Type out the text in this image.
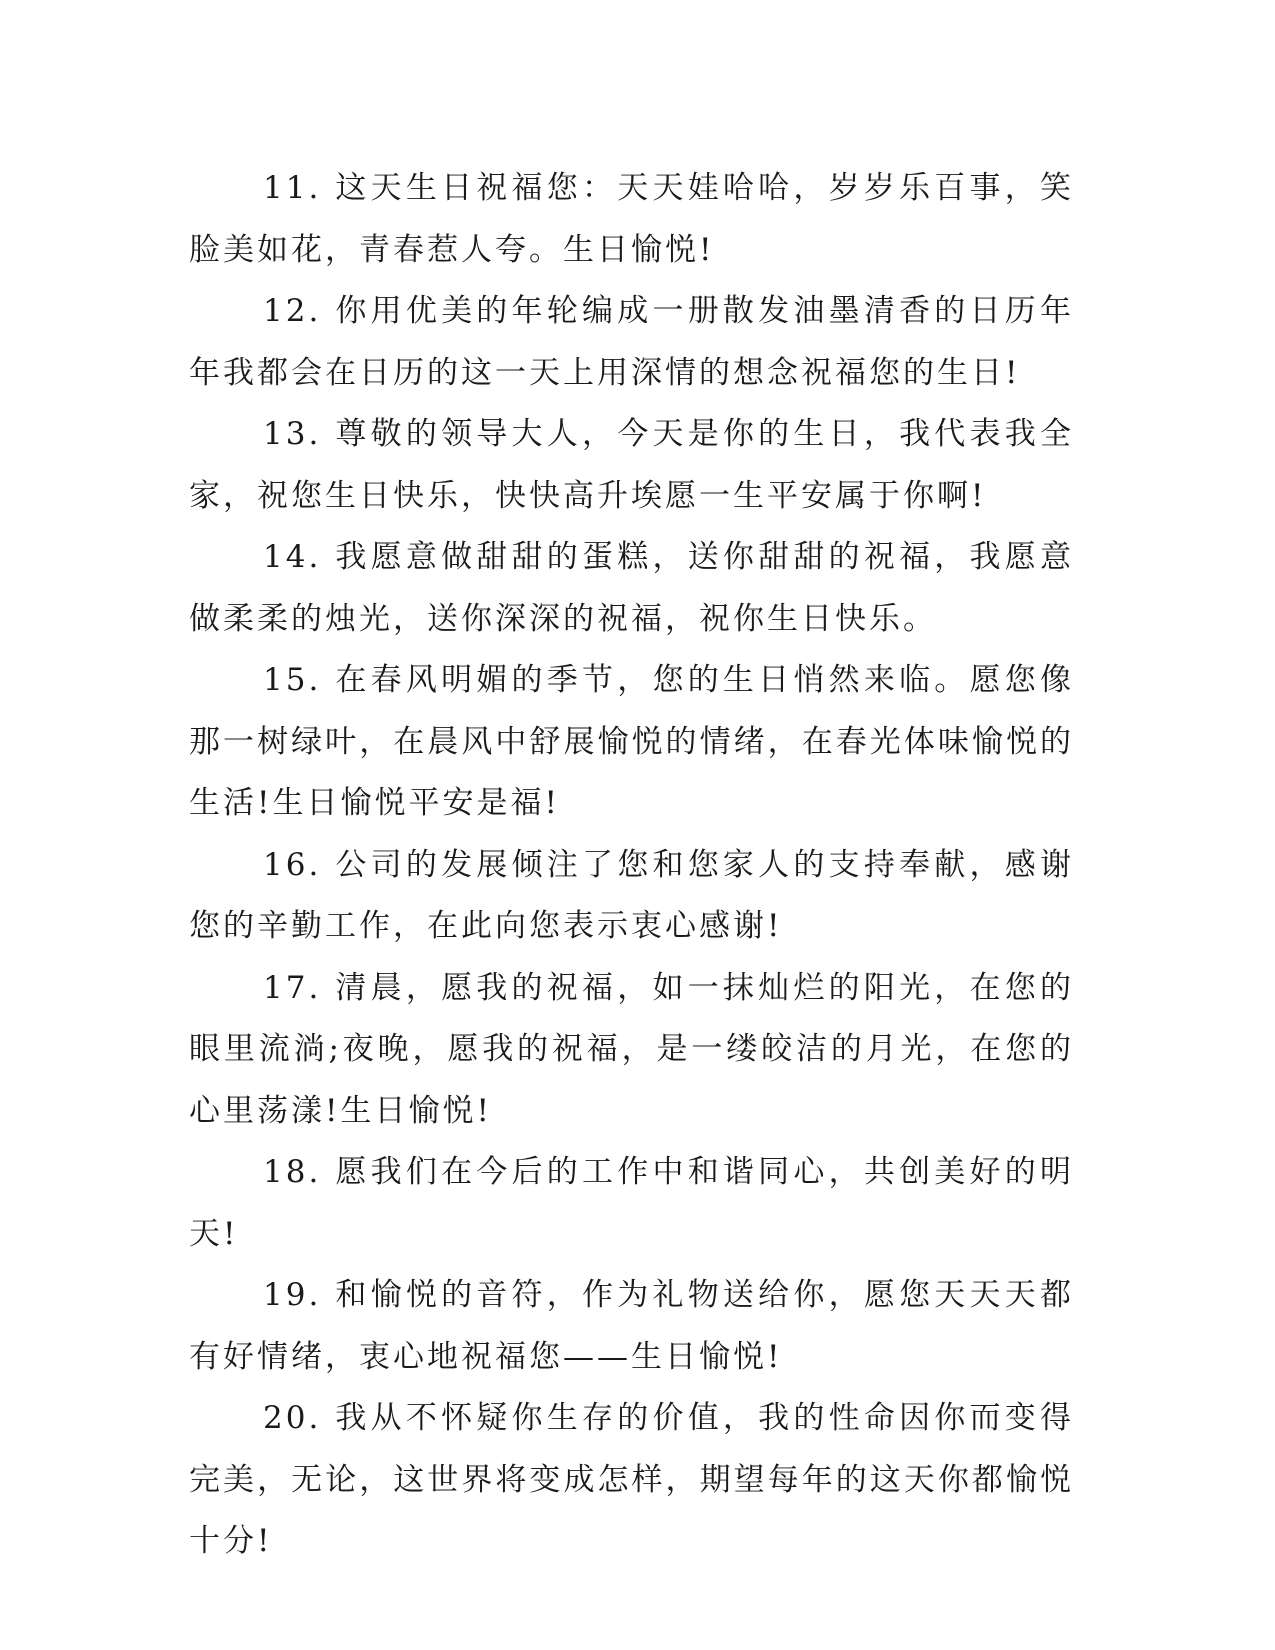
11. 这天生日祝福您：天天娃哈哈，岁岁乐百事，笑脸美如花，青春惹人夸。生日愉悦!

12. 你用优美的年轮编成一册散发油墨清香的日历年年我都会在日历的这一天上用深情的想念祝福您的生日!

13. 尊敬的领导大人，今天是你的生日，我代表我全家，祝您生日快乐，快快高升埃愿一生平安属于你啊!

14. 我愿意做甜甜的蛋糕，送你甜甜的祝福，我愿意做柔柔的烛光，送你深深的祝福，祝你生日快乐。

15. 在春风明媚的季节，您的生日悄然来临。愿您像那一树绿叶，在晨风中舒展愉悦的情绪，在春光体味愉悦的生活!生日愉悦平安是福!

16. 公司的发展倾注了您和您家人的支持奉献，感谢您的辛勤工作，在此向您表示衷心感谢!

17. 清晨，愿我的祝福，如一抹灿烂的阳光，在您的眼里流淌;夜晚，愿我的祝福，是一缕皎洁的月光，在您的心里荡漾!生日愉悦!

18. 愿我们在今后的工作中和谐同心，共创美好的明天!

19. 和愉悦的音符，作为礼物送给你，愿您天天天都有好情绪，衷心地祝福您——生日愉悦!

20. 我从不怀疑你生存的价值，我的性命因你而变得完美，无论，这世界将变成怎样，期望每年的这天你都愉悦十分!
